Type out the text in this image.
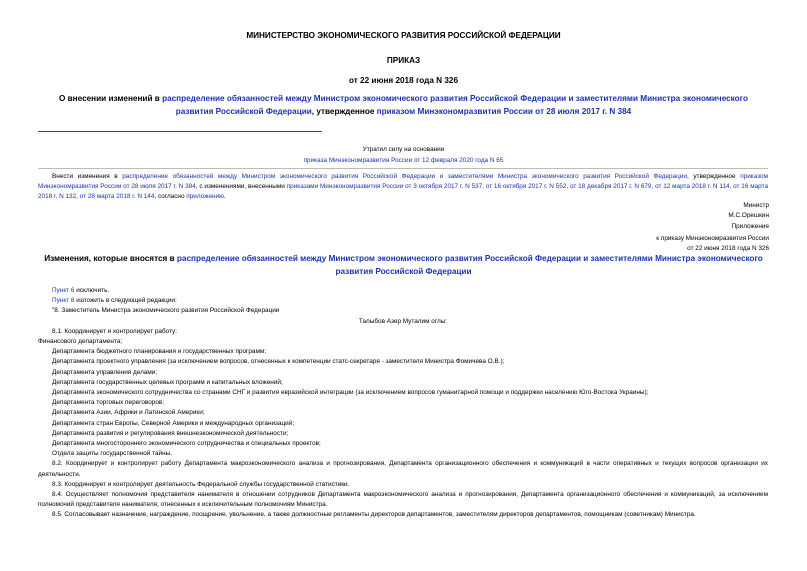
МИНИСТЕРСТВО ЭКОНОМИЧЕСКОГО РАЗВИТИЯ РОССИЙСКОЙ ФЕДЕРАЦИИ
ПРИКАЗ
от 22 июня 2018 года N 326
О внесении изменений в распределение обязанностей между Министром экономического развития Российской Федерации и заместителями Министра экономического развития Российской Федерации, утвержденное приказом Минэкономразвития России от 28 июля 2017 г. N 384
Утратил силу на основании
приказа Минэкономразвития России от 12 февраля 2020 года N 65
Внести изменения в распределение обязанностей между Министром экономического развития Российской Федерации и заместителями Министра экономического развития Российской Федерации, утвержденное приказом Минэкономразвития России от 28 июля 2017 г. N 384, с изменениями, внесенными приказами Минэкономразвития России от 3 октября 2017 г. N 537, от 16 октября 2017 г. N 552, от 18 декабря 2017 г. N 679, от 12 марта 2018 г. N 114, от 16 марта 2018 г. N 132, от 28 марта 2018 г. N 144, согласно приложению.
Министр
М.С.Орешкин
Приложение
к приказу Минэкономразвития России
от 22 июня 2018 года N 326
Изменения, которые вносятся в распределение обязанностей между Министром экономического развития Российской Федерации и заместителями Министра экономического развития Российской Федерации

Пункт 6 исключить.

Пункт 8 изложить в следующей редакции:

"8. Заместитель Министра экономического развития Российской Федерации

Талыбов Азер Муталим оглы:

8.1. Координирует и контролирует работу:

Финансового департамента;

Департамента бюджетного планирования и государственных программ;

Департамента проектного управления (за исключением вопросов, отнесенных к компетенции статс-секретаря - заместителя Министра Фомичева О.В.);

Департамента управления делами;

Департамента государственных целевых программ и капитальных вложений;

Департамента экономического сотрудничества со странами СНГ и развития евразийской интеграции (за исключением вопросов гуманитарной помощи и поддержки населению Юго-Востока Украины);

Департамента торговых переговоров;

Департамента Азии, Африки и Латинской Америки;

Департамента стран Европы, Северной Америки и международных организаций;

Департамента развития и регулирования внешнеэкономической деятельности;

Департамента многостороннего экономического сотрудничества и специальных проектов;

Отдела защиты государственной тайны.

8.2. Координирует и контролирует работу Департамента макроэкономического анализа и прогнозирования, Департамента организационного обеспечения и коммуникаций в части оперативных и текущих вопросов организации их деятельности.

8.3. Координирует и контролирует деятельность Федеральной службы государственной статистики.

8.4. Осуществляет полномочия представителя нанимателя в отношении сотрудников Департамента макроэкономического анализа и прогнозирования, Департамента организационного обеспечения и коммуникаций, за исключением полномочий представителя нанимателя, отнесенных к исключительным полномочиям Министра.

8.5. Согласовывает назначение, награждение, поощрение, увольнение, а также должностные регламенты директоров департаментов, заместителям директоров департаментов, помощникам (советникам) Министра.
